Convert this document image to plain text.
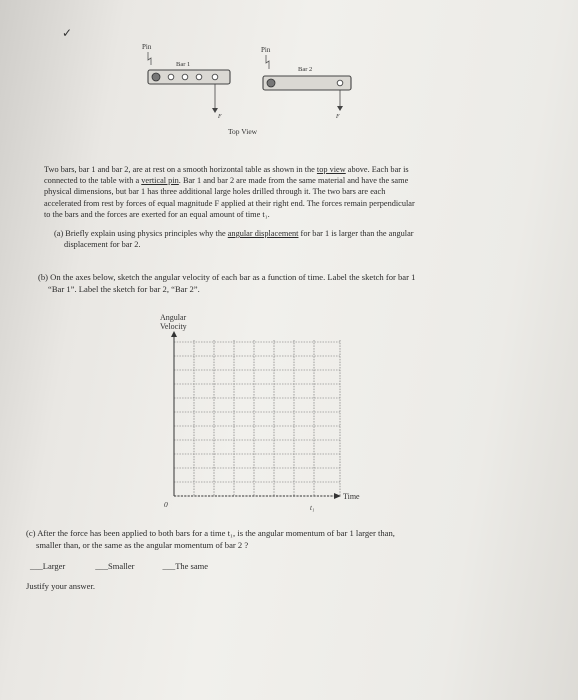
✓
Pin
Bar 1
F
Pin
Bar 2
F
Top View
Two bars, bar 1 and bar 2, are at rest on a smooth horizontal table as shown in the top view above. Each bar is
connected to the table with a vertical pin. Bar 1 and bar 2 are made from the same material and have the same
physical dimensions, but bar 1 has three additional large holes drilled through it. The two bars are each
accelerated from rest by forces of equal magnitude F applied at their right end. The forces remain perpendicular
to the bars and the forces are exerted for an equal amount of time t₁.
(a) Briefly explain using physics principles why the angular displacement for bar 1 is larger than the angular
displacement for bar 2.
(b) On the axes below, sketch the angular velocity of each bar as a function of time. Label the sketch for bar 1
“Bar 1”. Label the sketch for bar 2, “Bar 2”.
Angular
Velocity
Time
0	t₁
(c) After the force has been applied to both bars for a time t₁, is the angular momentum of bar 1 larger than,
smaller than, or the same as the angular momentum of bar 2 ?
___Larger	___Smaller	___The same
Justify your answer.
